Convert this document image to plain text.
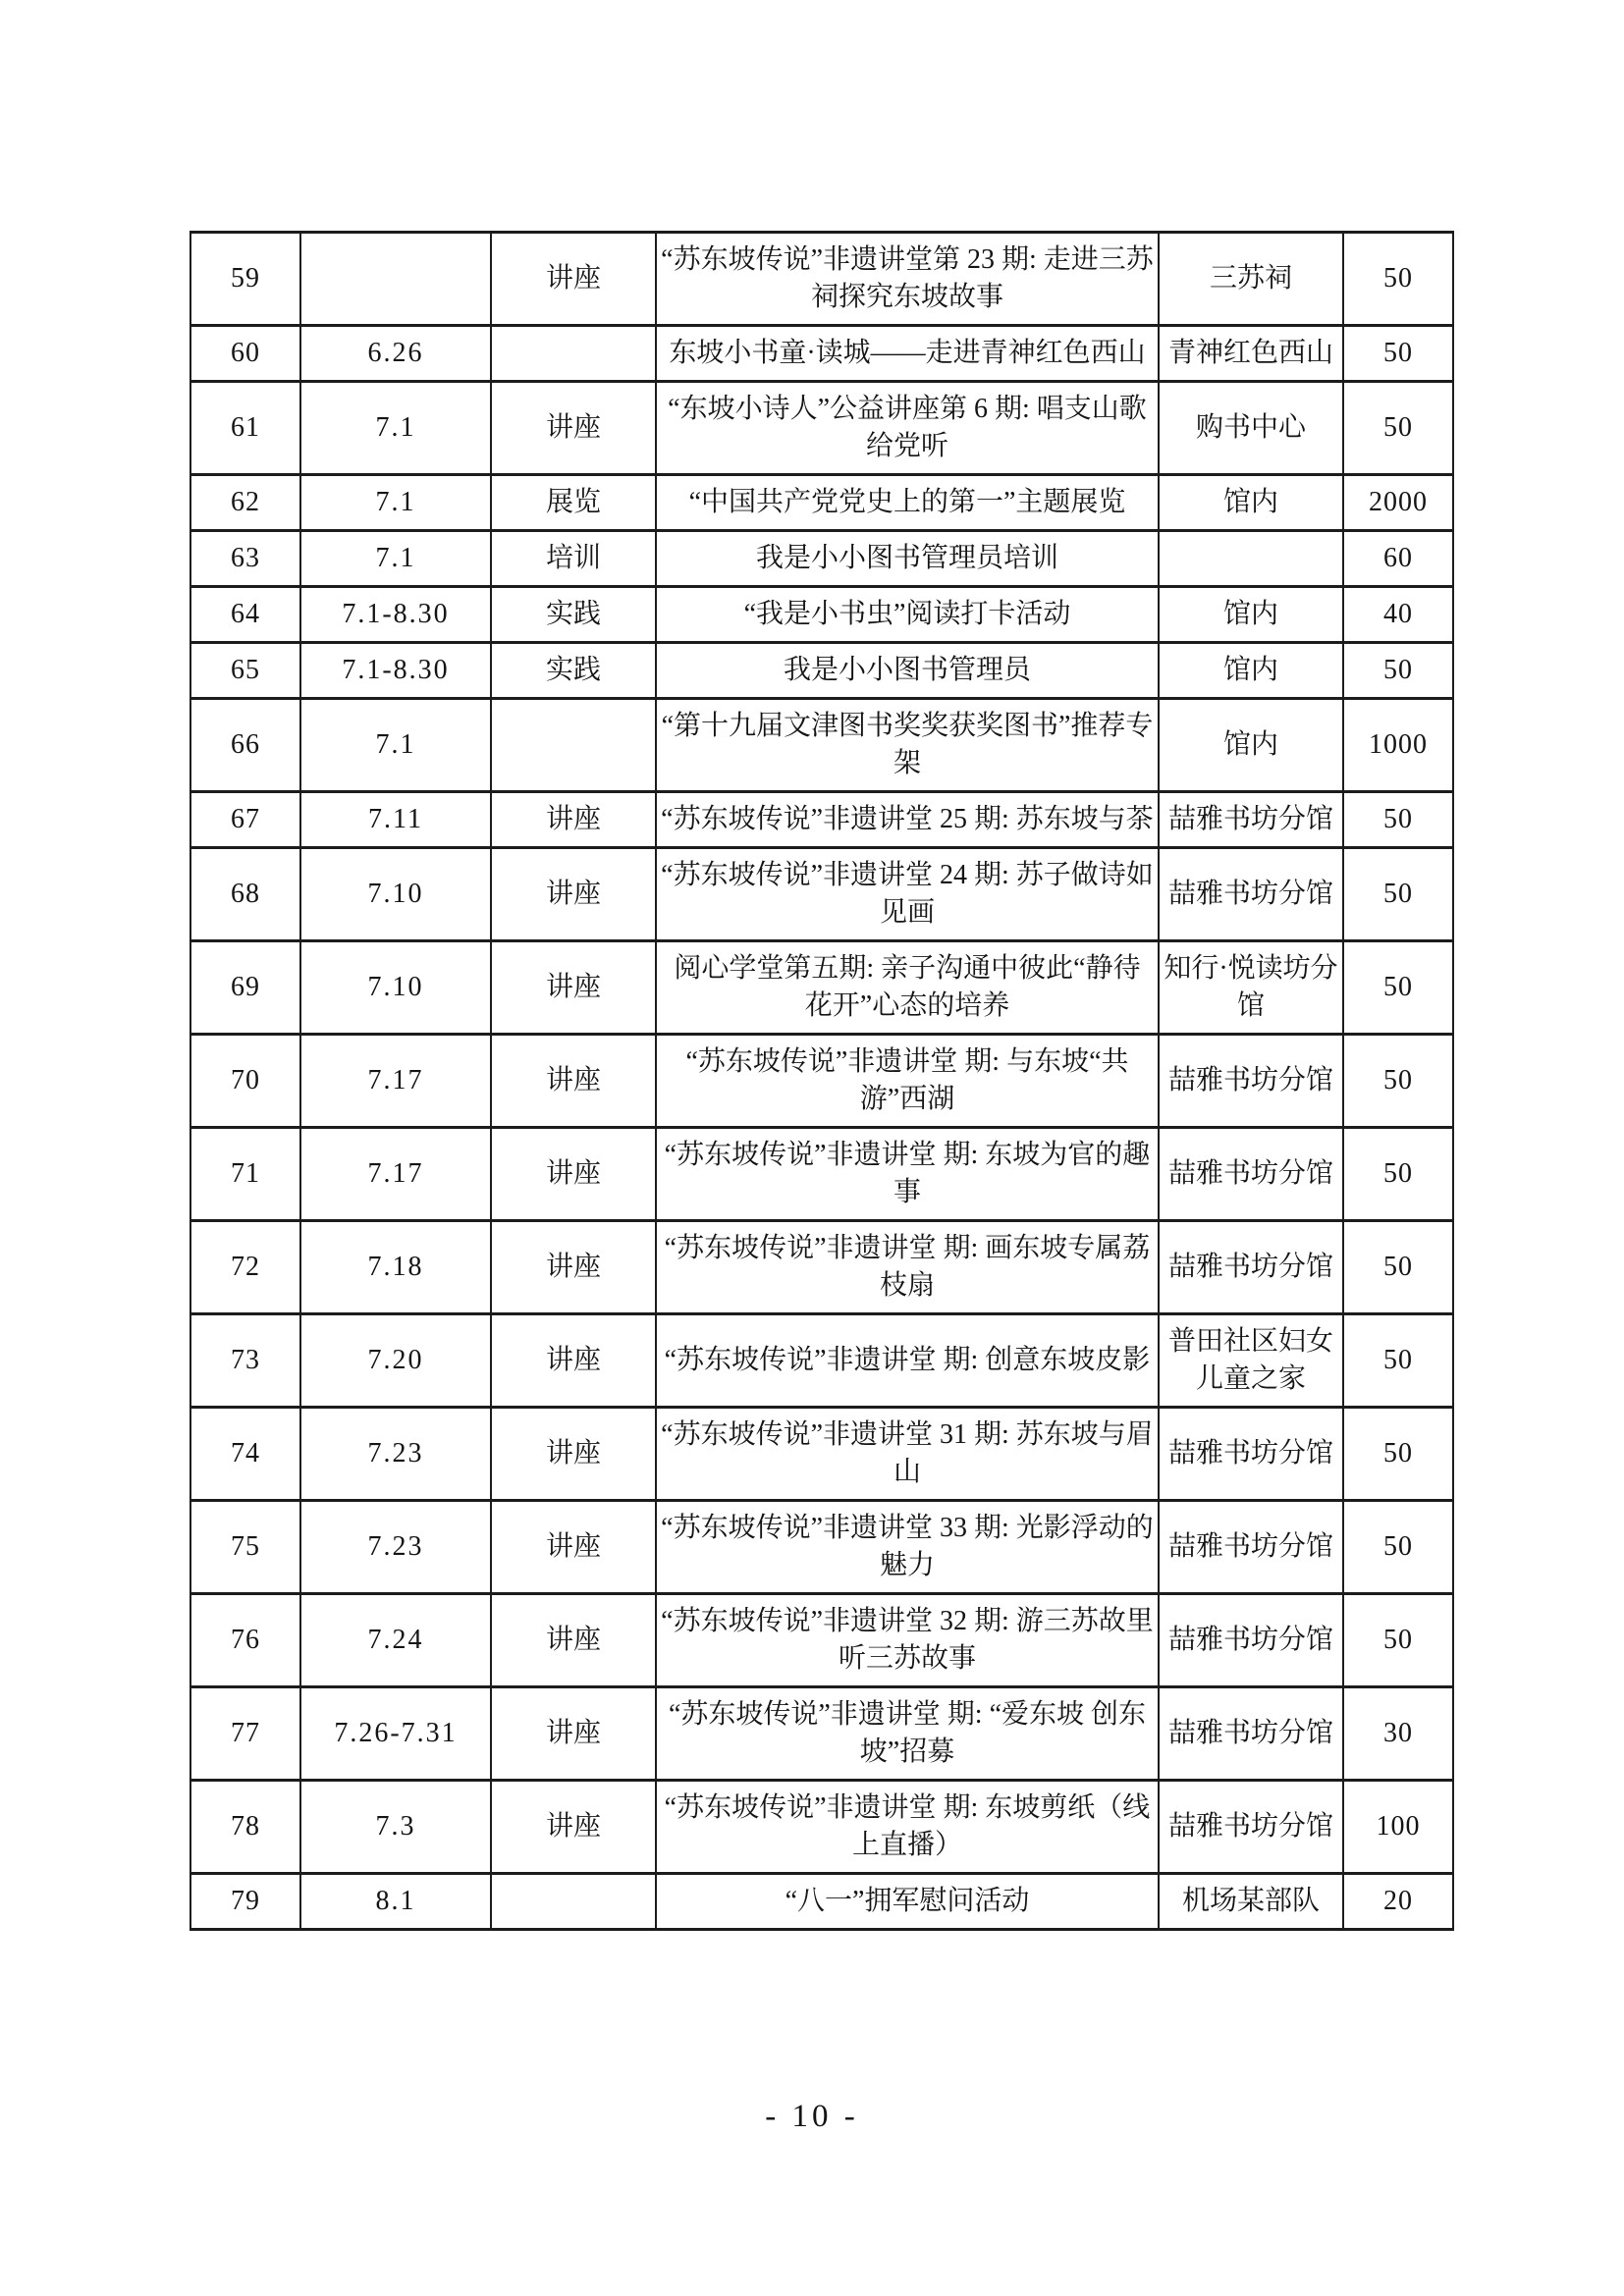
59		讲座	“苏东坡传说”非遗讲堂第 23 期: 走进三苏祠探究东坡故事	三苏祠	50
60	6.26		东坡小书童·读城——走进青神红色西山	青神红色西山	50
61	7.1	讲座	“东坡小诗人”公益讲座第 6 期: 唱支山歌给党听	购书中心	50
62	7.1	展览	“中国共产党党史上的第一”主题展览	馆内	2000
63	7.1	培训	我是小小图书管理员培训		60
64	7.1-8.30	实践	“我是小书虫”阅读打卡活动	馆内	40
65	7.1-8.30	实践	我是小小图书管理员	馆内	50
66	7.1		“第十九届文津图书奖奖获奖图书”推荐专架	馆内	1000
67	7.11	讲座	“苏东坡传说”非遗讲堂 25 期: 苏东坡与茶	喆雅书坊分馆	50
68	7.10	讲座	“苏东坡传说”非遗讲堂 24 期: 苏子做诗如见画	喆雅书坊分馆	50
69	7.10	讲座	阅心学堂第五期: 亲子沟通中彼此“静待花开”心态的培养	知行·悦读坊分馆	50
70	7.17	讲座	“苏东坡传说”非遗讲堂 期: 与东坡“共游”西湖	喆雅书坊分馆	50
71	7.17	讲座	“苏东坡传说”非遗讲堂 期: 东坡为官的趣事	喆雅书坊分馆	50
72	7.18	讲座	“苏东坡传说”非遗讲堂 期: 画东坡专属荔枝扇	喆雅书坊分馆	50
73	7.20	讲座	“苏东坡传说”非遗讲堂 期: 创意东坡皮影	普田社区妇女儿童之家	50
74	7.23	讲座	“苏东坡传说”非遗讲堂 31 期: 苏东坡与眉山	喆雅书坊分馆	50
75	7.23	讲座	“苏东坡传说”非遗讲堂 33 期: 光影浮动的魅力	喆雅书坊分馆	50
76	7.24	讲座	“苏东坡传说”非遗讲堂 32 期: 游三苏故里 听三苏故事	喆雅书坊分馆	50
77	7.26-7.31	讲座	“苏东坡传说”非遗讲堂 期: “爱东坡 创东坡”招募	喆雅书坊分馆	30
78	7.3	讲座	“苏东坡传说”非遗讲堂 期: 东坡剪纸（线上直播）	喆雅书坊分馆	100
79	8.1		“八一”拥军慰问活动	机场某部队	20
- 10 -
